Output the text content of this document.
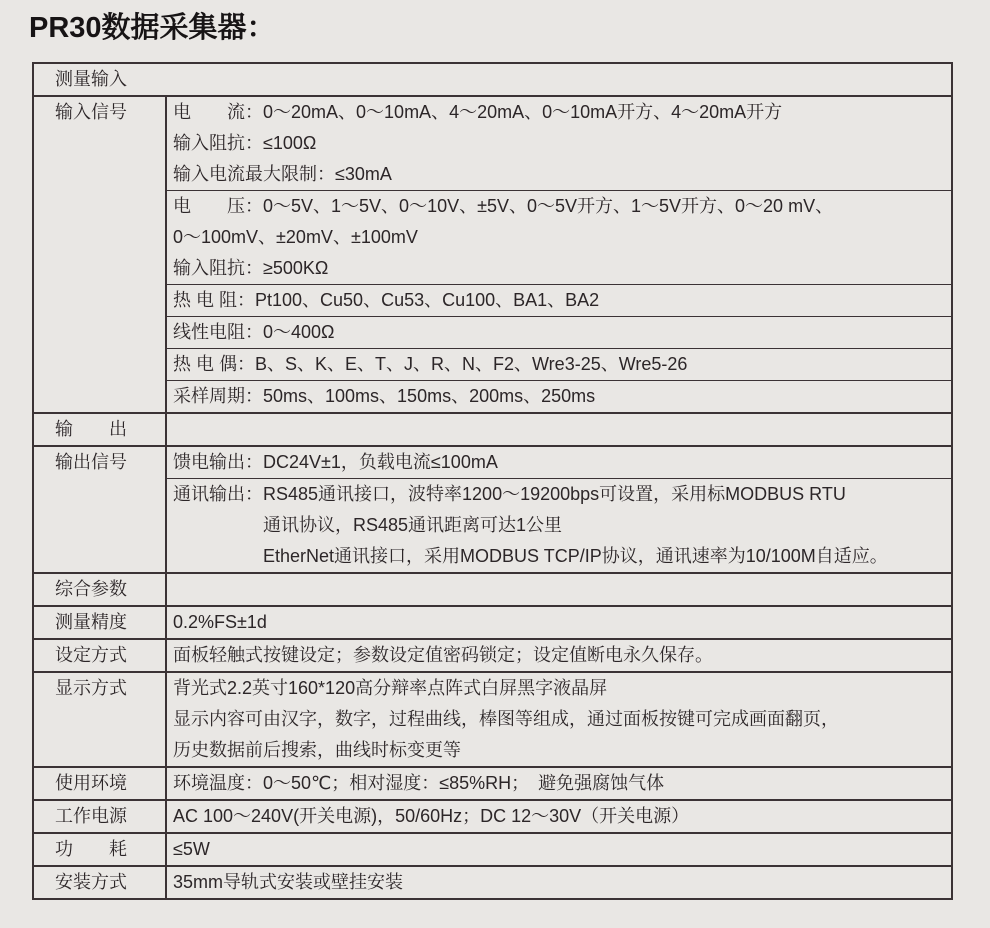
PR30数据采集器：
测量输入
输入信号	电　　流：0～20mA、0～10mA、4～20mA、0～10mA开方、4～20mA开方
输入阻抗：≤100Ω
输入电流最大限制：≤30mA
电　　压：0～5V、1～5V、0～10V、±5V、0～5V开方、1～5V开方、0～20 mV、
0～100mV、±20mV、±100mV
输入阻抗：≥500KΩ
热 电 阻：Pt100、Cu50、Cu53、Cu100、BA1、BA2
线性电阻：0～400Ω
热 电 偶：B、S、K、E、T、J、R、N、F2、Wre3-25、Wre5-26
采样周期：50ms、100ms、150ms、200ms、250ms
输　　出
输出信号	馈电输出：DC24V±1，负载电流≤100mA
通讯输出：RS485通讯接口，波特率1200～19200bps可设置，采用标MODBUS RTU
　　　　　通讯协议，RS485通讯距离可达1公里
　　　　　EtherNet通讯接口，采用MODBUS TCP/IP协议，通讯速率为10/100M自适应。
综合参数
测量精度	0.2%FS±1d
设定方式	面板轻触式按键设定；参数设定值密码锁定；设定值断电永久保存。
显示方式	背光式2.2英寸160*120高分辩率点阵式白屏黑字液晶屏
显示内容可由汉字，数字，过程曲线，棒图等组成，通过面板按键可完成画面翻页，
历史数据前后搜索，曲线时标变更等
使用环境	环境温度：0～50℃；相对湿度：≤85%RH；　避免强腐蚀气体
工作电源	AC 100～240V(开关电源)，50/60Hz；DC 12～30V（开关电源）
功　　耗	≤5W
安装方式	35mm导轨式安装或壁挂安装
